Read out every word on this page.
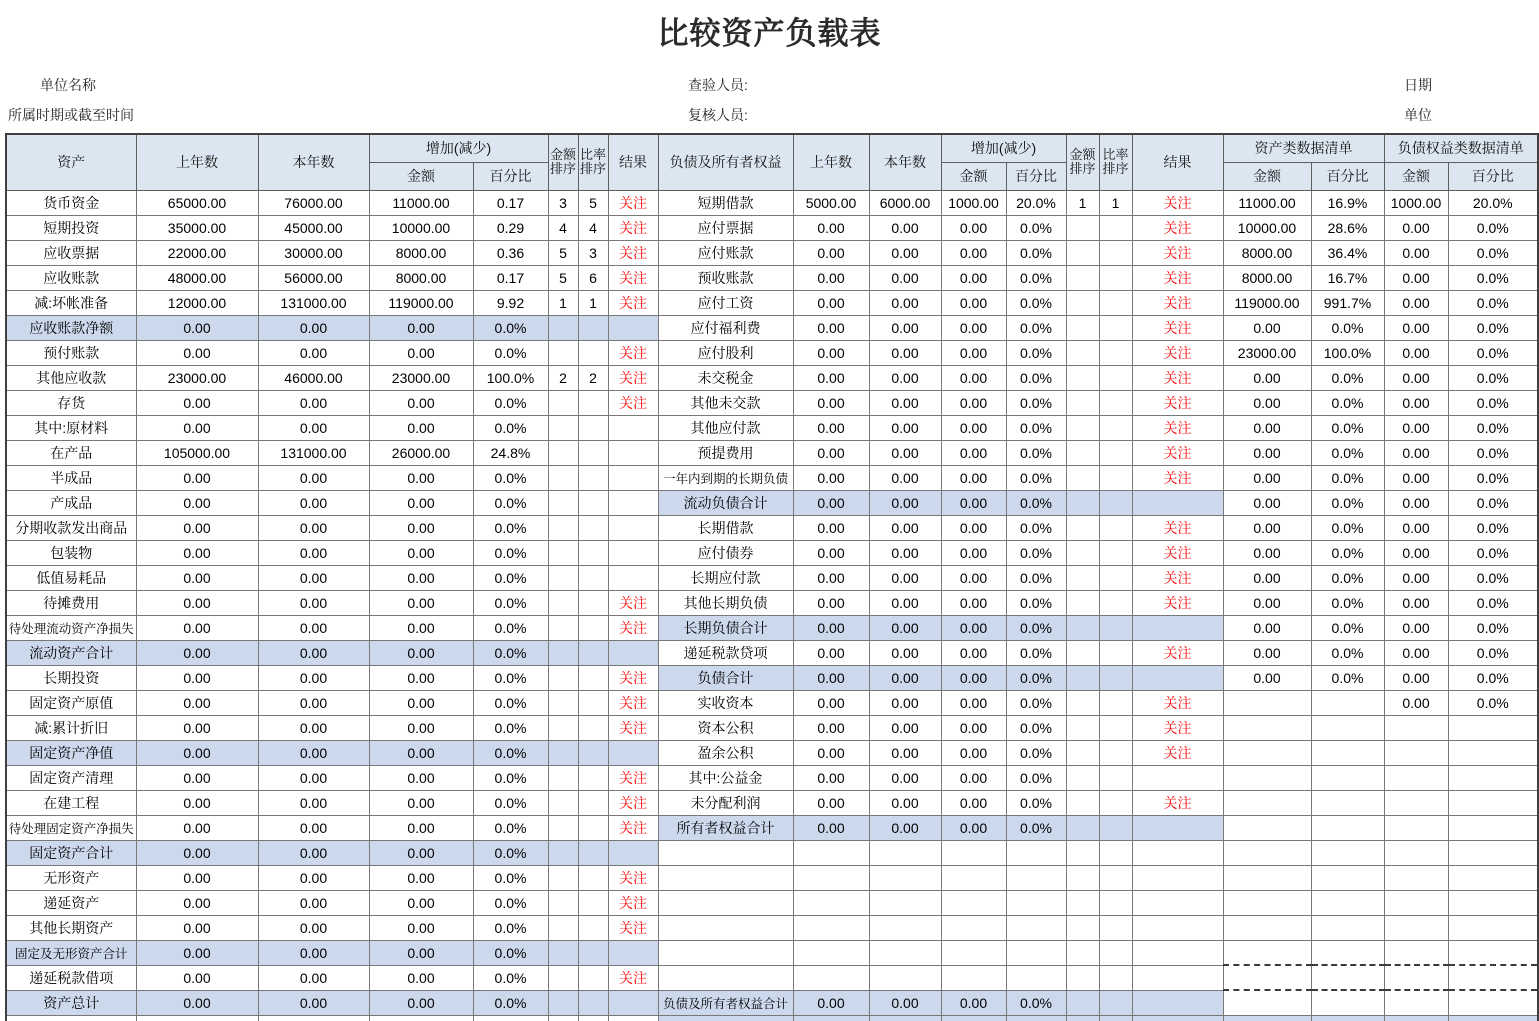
比较资产负载表
单位名称
所属时期或截至时间
查验人员:
复核人员:
日期
单位
资产	上年数	本年数	增加(减少)		金额排序	比率排序	结果	负债及所有者权益	上年数	本年数	增加(减少)		金额排序	比率排序	结果	资产类数据清单		负债权益类数据清单	
			金额	百分比							金额	百分比				金额	百分比	金额	百分比
货币资金	65000.00	76000.00	11000.00	0.17	3	5	关注	短期借款	5000.00	6000.00	1000.00	20.0%	1	1	关注	11000.00	16.9%	1000.00	20.0%
短期投资	35000.00	45000.00	10000.00	0.29	4	4	关注	应付票据	0.00	0.00	0.00	0.0%			关注	10000.00	28.6%	0.00	0.0%
应收票据	22000.00	30000.00	8000.00	0.36	5	3	关注	应付账款	0.00	0.00	0.00	0.0%			关注	8000.00	36.4%	0.00	0.0%
应收账款	48000.00	56000.00	8000.00	0.17	5	6	关注	预收账款	0.00	0.00	0.00	0.0%			关注	8000.00	16.7%	0.00	0.0%
减:坏帐准备	12000.00	131000.00	119000.00	9.92	1	1	关注	应付工资	0.00	0.00	0.00	0.0%			关注	119000.00	991.7%	0.00	0.0%
应收账款净额	0.00	0.00	0.00	0.0%				应付福利费	0.00	0.00	0.00	0.0%			关注	0.00	0.0%	0.00	0.0%
预付账款	0.00	0.00	0.00	0.0%			关注	应付股利	0.00	0.00	0.00	0.0%			关注	23000.00	100.0%	0.00	0.0%
其他应收款	23000.00	46000.00	23000.00	100.0%	2	2	关注	未交税金	0.00	0.00	0.00	0.0%			关注	0.00	0.0%	0.00	0.0%
存货	0.00	0.00	0.00	0.0%			关注	其他未交款	0.00	0.00	0.00	0.0%			关注	0.00	0.0%	0.00	0.0%
其中:原材料	0.00	0.00	0.00	0.0%				其他应付款	0.00	0.00	0.00	0.0%			关注	0.00	0.0%	0.00	0.0%
在产品	105000.00	131000.00	26000.00	24.8%				预提费用	0.00	0.00	0.00	0.0%			关注	0.00	0.0%	0.00	0.0%
半成品	0.00	0.00	0.00	0.0%				一年内到期的长期负债	0.00	0.00	0.00	0.0%			关注	0.00	0.0%	0.00	0.0%
产成品	0.00	0.00	0.00	0.0%				流动负债合计	0.00	0.00	0.00	0.0%				0.00	0.0%	0.00	0.0%
分期收款发出商品	0.00	0.00	0.00	0.0%				长期借款	0.00	0.00	0.00	0.0%			关注	0.00	0.0%	0.00	0.0%
包装物	0.00	0.00	0.00	0.0%				应付债券	0.00	0.00	0.00	0.0%			关注	0.00	0.0%	0.00	0.0%
低值易耗品	0.00	0.00	0.00	0.0%				长期应付款	0.00	0.00	0.00	0.0%			关注	0.00	0.0%	0.00	0.0%
待摊费用	0.00	0.00	0.00	0.0%			关注	其他长期负债	0.00	0.00	0.00	0.0%			关注	0.00	0.0%	0.00	0.0%
待处理流动资产净损失	0.00	0.00	0.00	0.0%			关注	长期负债合计	0.00	0.00	0.00	0.0%				0.00	0.0%	0.00	0.0%
流动资产合计	0.00	0.00	0.00	0.0%				递延税款贷项	0.00	0.00	0.00	0.0%			关注	0.00	0.0%	0.00	0.0%
长期投资	0.00	0.00	0.00	0.0%			关注	负债合计	0.00	0.00	0.00	0.0%				0.00	0.0%	0.00	0.0%
固定资产原值	0.00	0.00	0.00	0.0%			关注	实收资本	0.00	0.00	0.00	0.0%			关注			0.00	0.0%
减:累计折旧	0.00	0.00	0.00	0.0%			关注	资本公积	0.00	0.00	0.00	0.0%			关注				
固定资产净值	0.00	0.00	0.00	0.0%				盈余公积	0.00	0.00	0.00	0.0%			关注				
固定资产清理	0.00	0.00	0.00	0.0%			关注	其中:公益金	0.00	0.00	0.00	0.0%							
在建工程	0.00	0.00	0.00	0.0%			关注	未分配利润	0.00	0.00	0.00	0.0%			关注				
待处理固定资产净损失	0.00	0.00	0.00	0.0%			关注	所有者权益合计	0.00	0.00	0.00	0.0%							
固定资产合计	0.00	0.00	0.00	0.0%															
无形资产	0.00	0.00	0.00	0.0%			关注												
递延资产	0.00	0.00	0.00	0.0%			关注												
其他长期资产	0.00	0.00	0.00	0.0%			关注												
固定及无形资产合计	0.00	0.00	0.00	0.0%															
递延税款借项	0.00	0.00	0.00	0.0%			关注												
资产总计	0.00	0.00	0.00	0.0%				负债及所有者权益合计	0.00	0.00	0.00	0.0%							
